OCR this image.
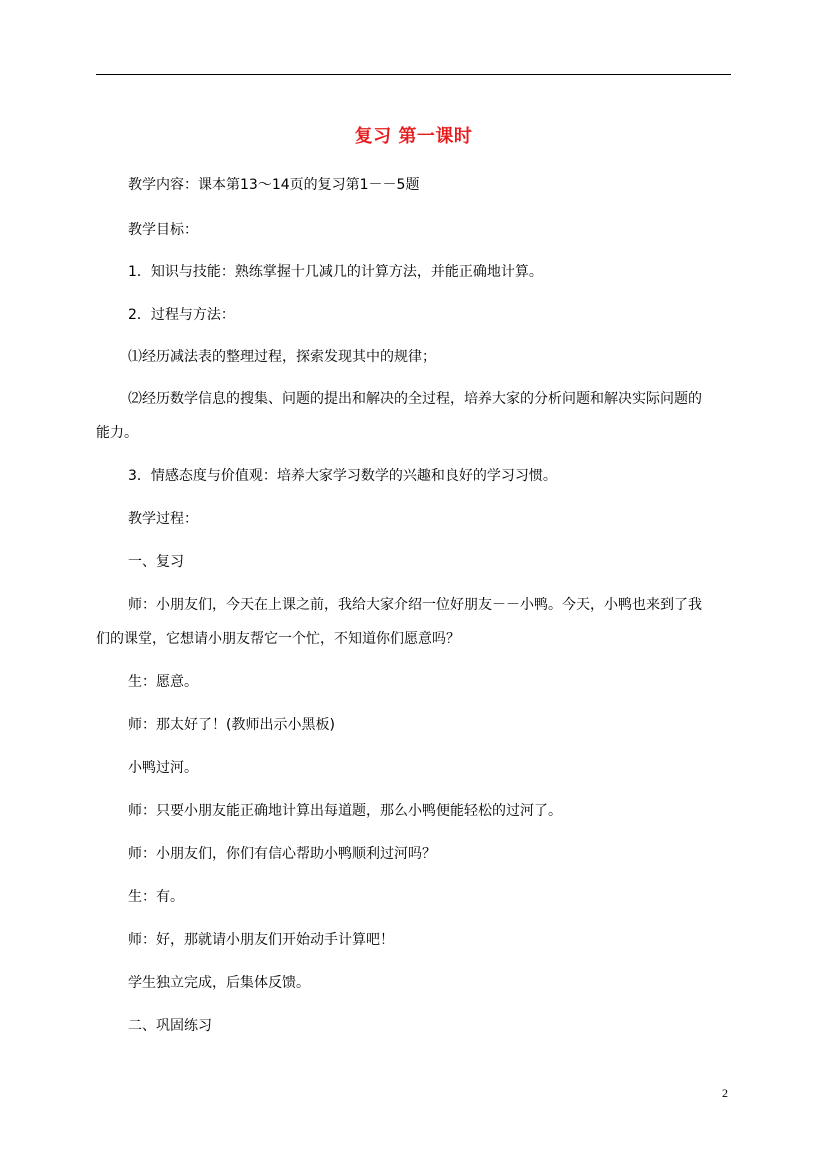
复习 第一课时
教学内容：课本第13～14页的复习第1－－5题
教学目标：
1．知识与技能：熟练掌握十几减几的计算方法，并能正确地计算。
2．过程与方法：
⑴经历减法表的整理过程，探索发现其中的规律；
⑵经历数学信息的搜集、问题的提出和解决的全过程，培养大家的分析问题和解决实际问题的
能力。
3．情感态度与价值观：培养大家学习数学的兴趣和良好的学习习惯。
教学过程：
一、复习
师：小朋友们，今天在上课之前，我给大家介绍一位好朋友－－小鸭。今天，小鸭也来到了我
们的课堂，它想请小朋友帮它一个忙，不知道你们愿意吗？
生：愿意。
师：那太好了！(教师出示小黑板)
小鸭过河。
师：只要小朋友能正确地计算出每道题，那么小鸭便能轻松的过河了。
师：小朋友们，你们有信心帮助小鸭顺利过河吗？
生：有。
师：好，那就请小朋友们开始动手计算吧！
学生独立完成，后集体反馈。
二、巩固练习
2
